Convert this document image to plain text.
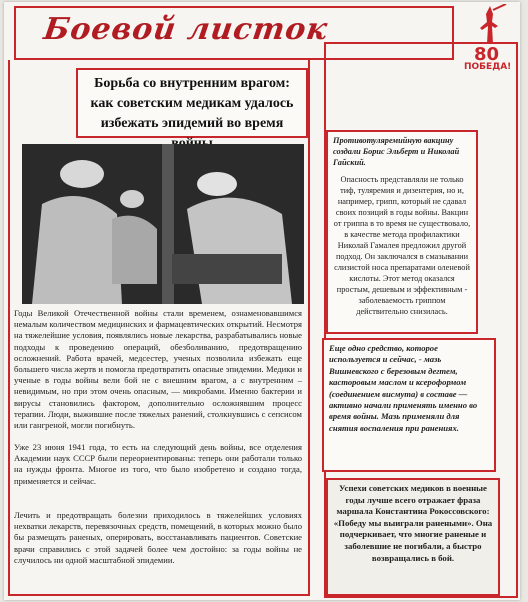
Боевой листок
80
ПОБЕДА!
Борьба со внутренним врагом: как советским медикам удалось избежать эпидемий во время
Годы Великой Отечественной войны стали временем, ознаменовавшимся немалым количеством медицинских и фармацевтических открытий. Несмотря на тяжелейшие условия, появлялись новые лекарства, разрабатывались новые подходы к проведению операций, обезболиванию, предотвращению осложнений. Работа врачей, медсестер, ученых позволила избежать еще большего числа жертв и помогла предотвратить опасные эпидемии. Медики и ученые в годы войны вели бой не с внешним врагом, а с внутренним – невидимым, но при этом очень опасным, — микробами. Именно бактерии и вирусы становились фактором, дополнительно осложнявшим процесс терапии. Люди, выжившие после тяжелых ранений, столкнувшись с сепсисом или гангреной, могли погибнуть.
Уже 23 июня 1941 года, то есть на следующий день войны, все отделения Академии наук СССР были переориентированы: теперь они работали только на нужды фронта. Многое из того, что было изобретено и создано тогда, применяется и сейчас.
Лечить и предотвращать болезни приходилось в тяжелейших условиях нехватки лекарств, перевязочных средств, помещений, в которых можно было бы размещать раненых, оперировать, восстанавливать пациентов. Советские врачи справились с этой задачей более чем достойно: за годы войны не случилось ни одной масштабной эпидемии.
Противотуляремийную вакцину создали Борис Эльберт и Николай Гайский.
Опасность представляли не только тиф, туляремия и дизентерия, но и, например, грипп, который не сдавал своих позиций в годы войны. Вакцин от гриппа в то время не существовало, в качестве метода профилактики Николай Гамалея предложил другой подход. Он заключался в смазывании слизистой носа препаратами оленевой кислоты. Этот метод оказался простым, дешевым и эффективным - заболеваемость гриппом действительно снизилась.
Еще одно средство, которое используется и сейчас, - мазь Вишневского с березовым дегтем, касторовым маслом и ксероформом (соединением висмута) в составе — активно начали применять именно во время войны. Мазь применяли для снятия воспаления при ранениях.
Успехи советских медиков в военные годы лучше всего отражает фраза маршала Константина Рокоссовского: «Победу мы выиграли ранеными». Она подчеркивает, что многие раненые и заболевшие не погибали, а быстро возвращались в бой.
